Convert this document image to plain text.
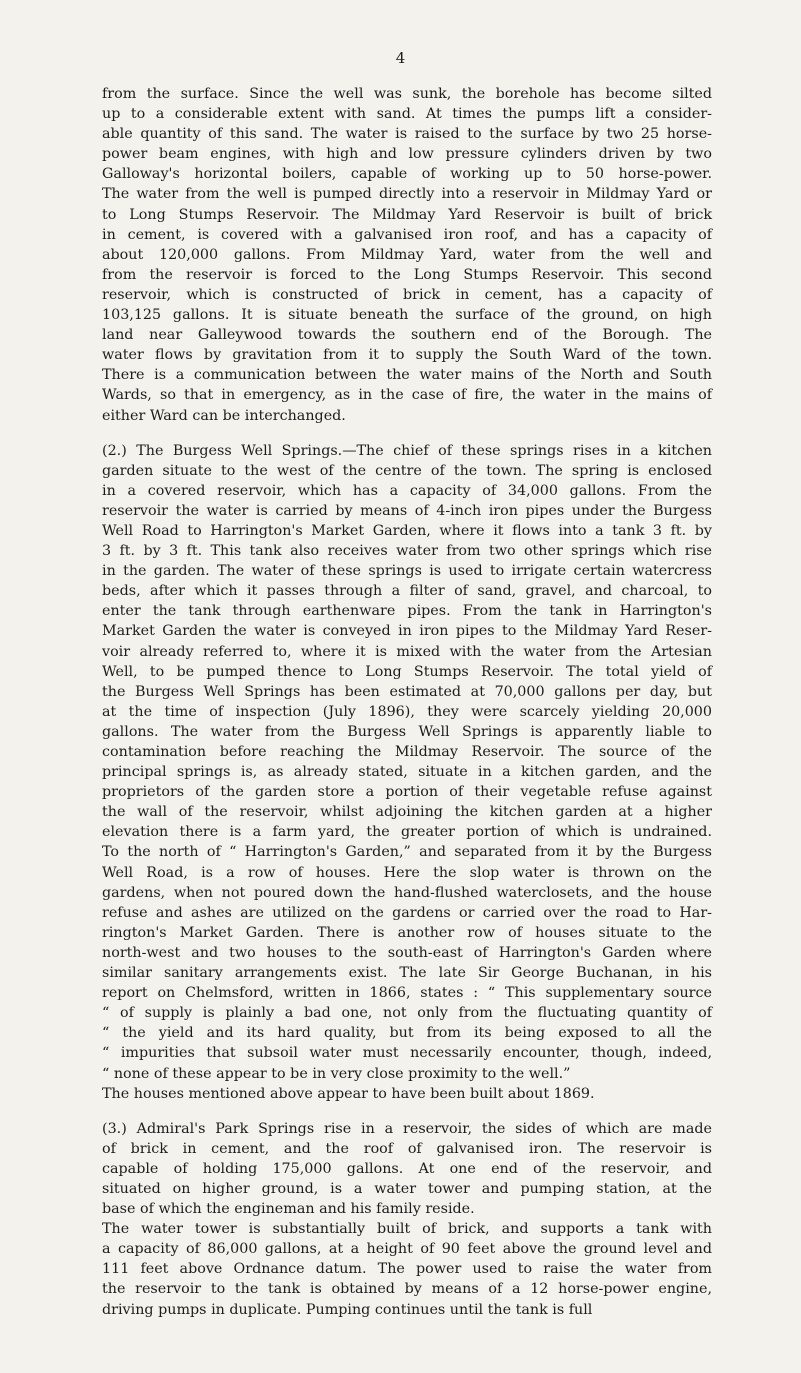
4

from the surface. Since the well was sunk, the borehole has become silted
up to a considerable extent with sand. At times the pumps lift a consider-
able quantity of this sand. The water is raised to the surface by two 25 horse-
power beam engines, with high and low pressure cylinders driven by two
Galloway's horizontal boilers, capable of working up to 50 horse-power.
The water from the well is pumped directly into a reservoir in Mildmay Yard or
to Long Stumps Reservoir. The Mildmay Yard Reservoir is built of brick
in cement, is covered with a galvanised iron roof, and has a capacity of
about 120,000 gallons. From Mildmay Yard, water from the well and
from the reservoir is forced to the Long Stumps Reservoir. This second
reservoir, which is constructed of brick in cement, has a capacity of
103,125 gallons. It is situate beneath the surface of the ground, on high
land near Galleywood towards the southern end of the Borough. The
water flows by gravitation from it to supply the South Ward of the town.
There is a communication between the water mains of the North and South
Wards, so that in emergency, as in the case of fire, the water in the mains of
either Ward can be interchanged.

(2.) The Burgess Well Springs.—The chief of these springs rises in a kitchen
garden situate to the west of the centre of the town. The spring is enclosed
in a covered reservoir, which has a capacity of 34,000 gallons. From the
reservoir the water is carried by means of 4-inch iron pipes under the Burgess
Well Road to Harrington's Market Garden, where it flows into a tank 3 ft. by
3 ft. by 3 ft. This tank also receives water from two other springs which rise
in the garden. The water of these springs is used to irrigate certain watercress
beds, after which it passes through a filter of sand, gravel, and charcoal, to
enter the tank through earthenware pipes. From the tank in Harrington's
Market Garden the water is conveyed in iron pipes to the Mildmay Yard Reser-
voir already referred to, where it is mixed with the water from the Artesian
Well, to be pumped thence to Long Stumps Reservoir. The total yield of
the Burgess Well Springs has been estimated at 70,000 gallons per day, but
at the time of inspection (July 1896), they were scarcely yielding 20,000
gallons. The water from the Burgess Well Springs is apparently liable to
contamination before reaching the Mildmay Reservoir. The source of the
principal springs is, as already stated, situate in a kitchen garden, and the
proprietors of the garden store a portion of their vegetable refuse against
the wall of the reservoir, whilst adjoining the kitchen garden at a higher
elevation there is a farm yard, the greater portion of which is undrained.
To the north of “ Harrington's Garden,” and separated from it by the Burgess
Well Road, is a row of houses. Here the slop water is thrown on the
gardens, when not poured down the hand-flushed waterclosets, and the house
refuse and ashes are utilized on the gardens or carried over the road to Har-
rington's Market Garden. There is another row of houses situate to the
north-west and two houses to the south-east of Harrington's Garden where
similar sanitary arrangements exist. The late Sir George Buchanan, in his
report on Chelmsford, written in 1866, states : “ This supplementary source
“ of supply is plainly a bad one, not only from the fluctuating quantity of
“ the yield and its hard quality, but from its being exposed to all the
“ impurities that subsoil water must necessarily encounter, though, indeed,
“ none of these appear to be in very close proximity to the well.”
The houses mentioned above appear to have been built about 1869.

(3.) Admiral's Park Springs rise in a reservoir, the sides of which are made
of brick in cement, and the roof of galvanised iron. The reservoir is
capable of holding 175,000 gallons. At one end of the reservoir, and
situated on higher ground, is a water tower and pumping station, at the
base of which the engineman and his family reside.
The water tower is substantially built of brick, and supports a tank with
a capacity of 86,000 gallons, at a height of 90 feet above the ground level and
111 feet above Ordnance datum. The power used to raise the water from
the reservoir to the tank is obtained by means of a 12 horse-power engine,
driving pumps in duplicate. Pumping continues until the tank is full
